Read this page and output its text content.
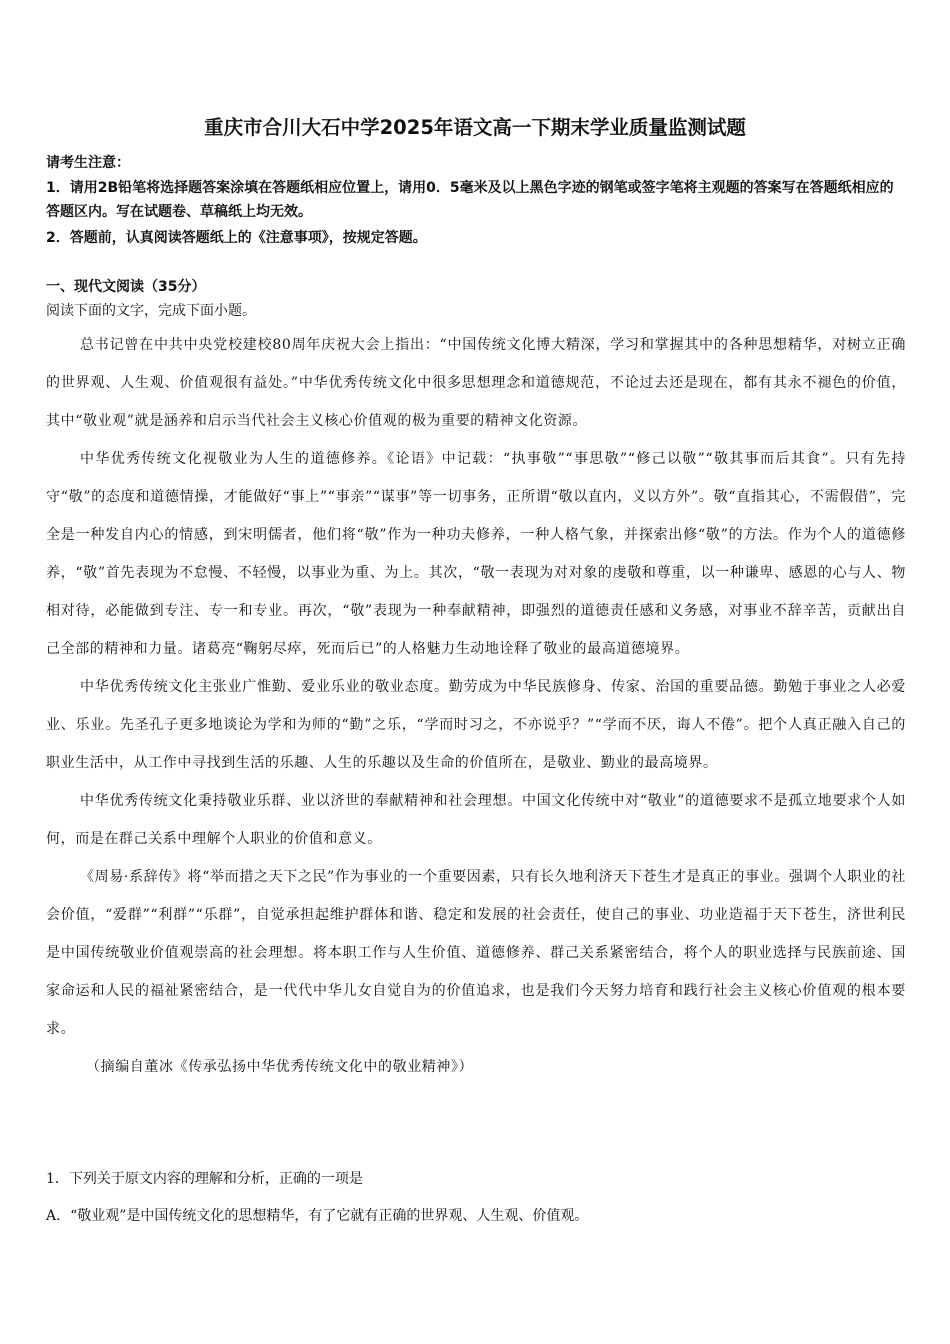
重庆市合川大石中学2025年语文高一下期末学业质量监测试题
请考生注意：
1．请用2B铅笔将选择题答案涂填在答题纸相应位置上，请用0．5毫米及以上黑色字迹的钢笔或签字笔将主观题的答案写在答题纸相应的答题区内。写在试题卷、草稿纸上均无效。
2．答题前，认真阅读答题纸上的《注意事项》，按规定答题。
一、现代文阅读（35分）
阅读下面的文字，完成下面小题。

总书记曾在中共中央党校建校80周年庆祝大会上指出：“中国传统文化博大精深，学习和掌握其中的各种思想精华，对树立正确的世界观、人生观、价值观很有益处。”中华优秀传统文化中很多思想理念和道德规范，不论过去还是现在，都有其永不褪色的价值，其中“敬业观”就是涵养和启示当代社会主义核心价值观的极为重要的精神文化资源。

中华优秀传统文化视敬业为人生的道德修养。《论语》中记载：“执事敬”“事思敬”“修己以敬”“敬其事而后其食”。只有先持守“敬”的态度和道德情操，才能做好“事上”“事亲”“谋事”等一切事务，正所谓“敬以直内，义以方外”。敬“直指其心，不需假借”，完全是一种发自内心的情感，到宋明儒者，他们将“敬”作为一种功夫修养，一种人格气象，并探索出修“敬”的方法。作为个人的道德修养，“敬”首先表现为不怠慢、不轻慢，以事业为重、为上。其次，“敬一表现为对对象的虔敬和尊重，以一种谦卑、感恩的心与人、物相对待，必能做到专注、专一和专业。再次，“敬”表现为一种奉献精神，即强烈的道德责任感和义务感，对事业不辞辛苦，贡献出自己全部的精神和力量。诸葛亮“鞠躬尽瘁，死而后已”的人格魅力生动地诠释了敬业的最高道德境界。

中华优秀传统文化主张业广惟勤、爱业乐业的敬业态度。勤劳成为中华民族修身、传家、治国的重要品德。勤勉于事业之人必爱业、乐业。先圣孔子更多地谈论为学和为师的“勤”之乐，“学而时习之，不亦说乎？”“学而不厌，诲人不倦”。把个人真正融入自己的职业生活中，从工作中寻找到生活的乐趣、人生的乐趣以及生命的价值所在，是敬业、勤业的最高境界。

中华优秀传统文化秉持敬业乐群、业以济世的奉献精神和社会理想。中国文化传统中对“敬业”的道德要求不是孤立地要求个人如何，而是在群己关系中理解个人职业的价值和意义。

《周易·系辞传》将“举而措之天下之民”作为事业的一个重要因素，只有长久地利济天下苍生才是真正的事业。强调个人职业的社会价值，“爱群”“利群”“乐群”，自觉承担起维护群体和谐、稳定和发展的社会责任，使自己的事业、功业造福于天下苍生，济世利民是中国传统敬业价值观崇高的社会理想。将本职工作与人生价值、道德修养、群己关系紧密结合，将个人的职业选择与民族前途、国家命运和人民的福祉紧密结合，是一代代中华儿女自觉自为的价值追求，也是我们今天努力培育和践行社会主义核心价值观的根本要求。

（摘编自董冰《传承弘扬中华优秀传统文化中的敬业精神》）

1．下列关于原文内容的理解和分析，正确的一项是
A．“敬业观”是中国传统文化的思想精华，有了它就有正确的世界观、人生观、价值观。
